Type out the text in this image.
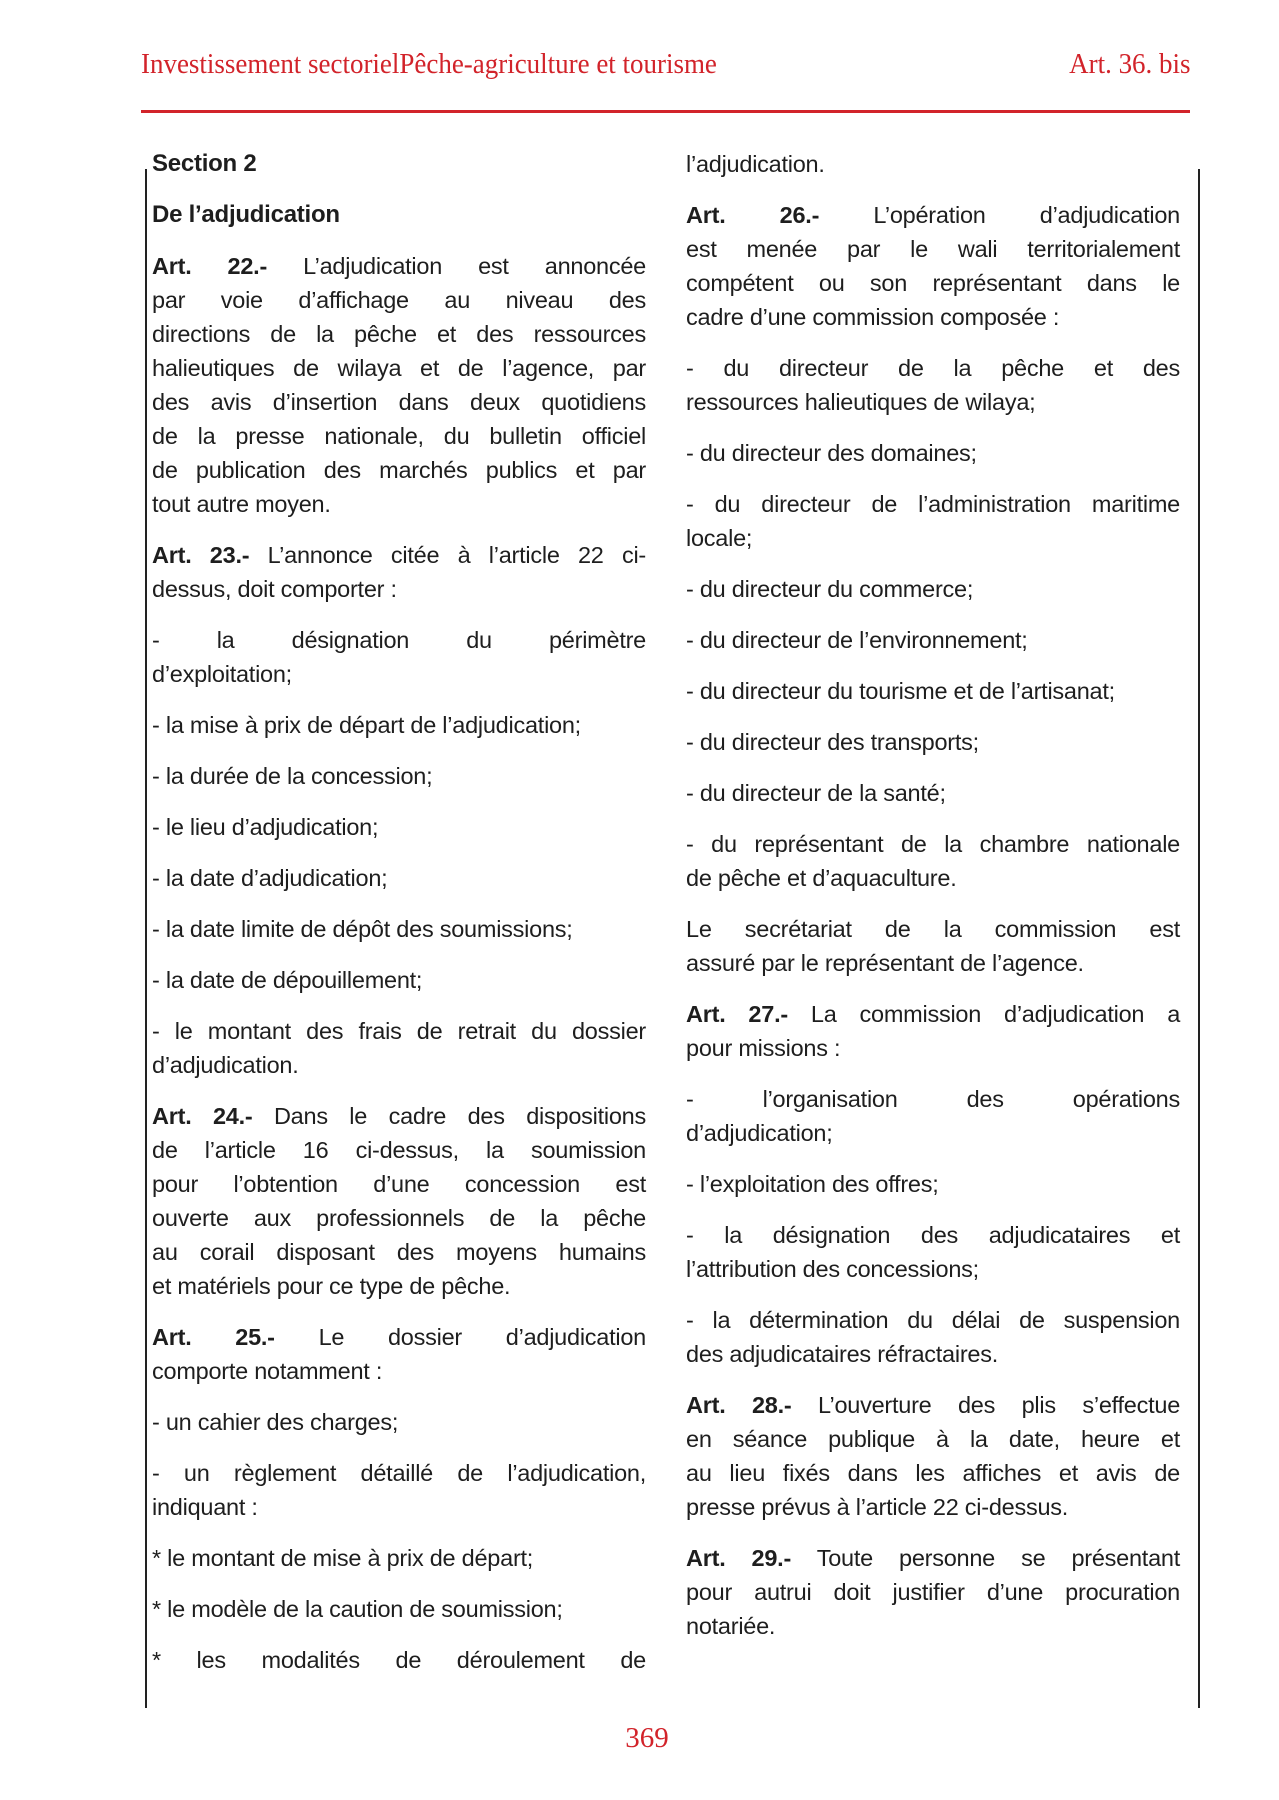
Investissement sectorielPêche-agriculture et tourisme	Art. 36. bis
Section 2
De l’adjudication
Art. 22.- L’adjudication est annoncée
par voie d’affichage au niveau des
directions de la pêche et des ressources
halieutiques de wilaya et de l’agence, par
des avis d’insertion dans deux quotidiens
de la presse nationale, du bulletin officiel
de publication des marchés publics et par
tout autre moyen.
Art. 23.- L’annonce citée à l’article 22 ci-
dessus, doit comporter :
- la désignation du périmètre
d’exploitation;
- la mise à prix de départ de l’adjudication;
- la durée de la concession;
- le lieu d’adjudication;
- la date d’adjudication;
- la date limite de dépôt des soumissions;
- la date de dépouillement;
- le montant des frais de retrait du dossier
d’adjudication.
Art. 24.- Dans le cadre des dispositions
de l’article 16 ci-dessus, la soumission
pour l’obtention d’une concession est
ouverte aux professionnels de la pêche
au corail disposant des moyens humains
et matériels pour ce type de pêche.
Art. 25.- Le dossier d’adjudication
comporte notamment :
- un cahier des charges;
- un règlement détaillé de l’adjudication,
indiquant :
* le montant de mise à prix de départ;
* le modèle de la caution de soumission;
* les modalités de déroulement de
l’adjudication.
Art. 26.- L’opération d’adjudication
est menée par le wali territorialement
compétent ou son représentant dans le
cadre d’une commission composée :
- du directeur de la pêche et des
ressources halieutiques de wilaya;
- du directeur des domaines;
- du directeur de l’administration maritime
locale;
- du directeur du commerce;
- du directeur de l’environnement;
- du directeur du tourisme et de l’artisanat;
- du directeur des transports;
- du directeur de la santé;
- du représentant de la chambre nationale
de pêche et d’aquaculture.
Le secrétariat de la commission est
assuré par le représentant de l’agence.
Art. 27.- La commission d’adjudication a
pour missions :
- l’organisation des opérations
d’adjudication;
- l’exploitation des offres;
- la désignation des adjudicataires et
l’attribution des concessions;
- la détermination du délai de suspension
des adjudicataires réfractaires.
Art. 28.- L’ouverture des plis s’effectue
en séance publique à la date, heure et
au lieu fixés dans les affiches et avis de
presse prévus à l’article 22 ci-dessus.
Art. 29.- Toute personne se présentant
pour autrui doit justifier d’une procuration
notariée.
369
